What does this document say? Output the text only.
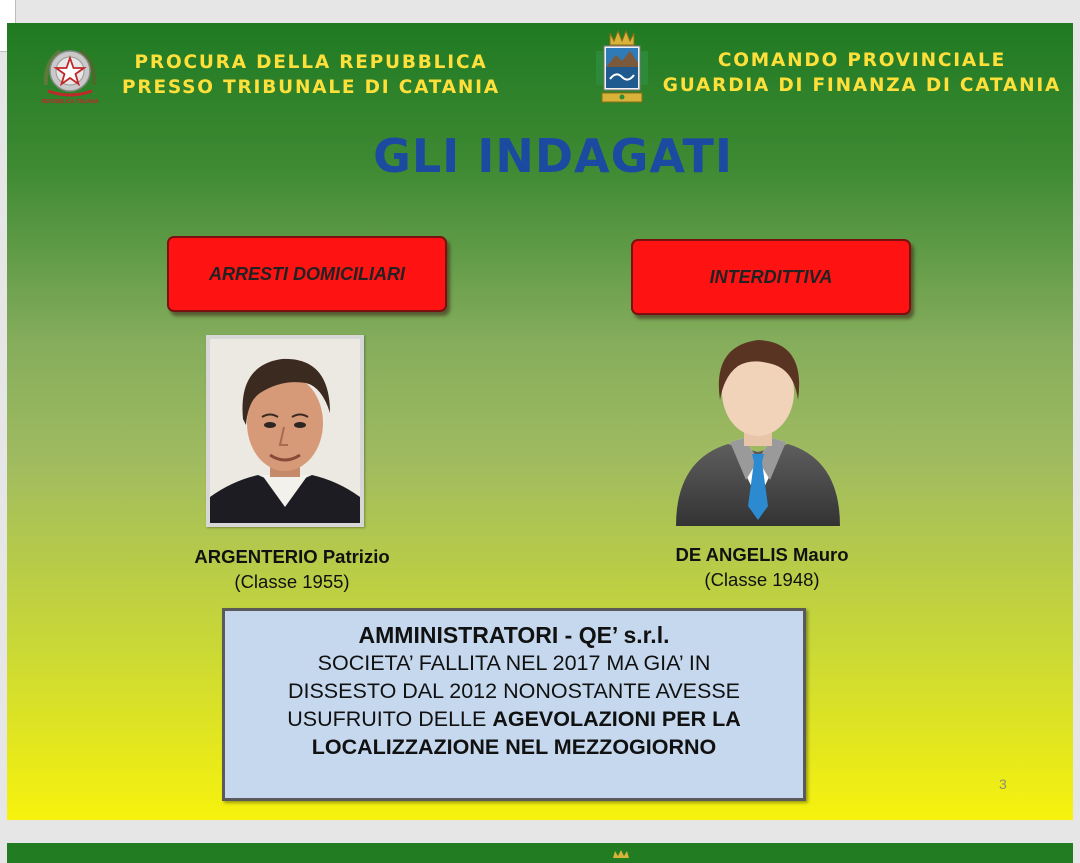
REPUBBLICA ITALIANA
PROCURA DELLA REPUBBLICA
PRESSO TRIBUNALE DI CATANIA
COMANDO PROVINCIALE
GUARDIA DI FINANZA DI CATANIA
GLI INDAGATI
ARRESTI DOMICILIARI	INTERDITTIVA
ARGENTERIO Patrizio
(Classe 1955)
DE ANGELIS Mauro
(Classe 1948)
AMMINISTRATORI - QE’ s.r.l.
SOCIETA’ FALLITA NEL 2017 MA GIA’ IN
DISSESTO DAL 2012 NONOSTANTE AVESSE
USUFRUITO DELLE AGEVOLAZIONI PER LA
LOCALIZZAZIONE NEL MEZZOGIORNO
3
